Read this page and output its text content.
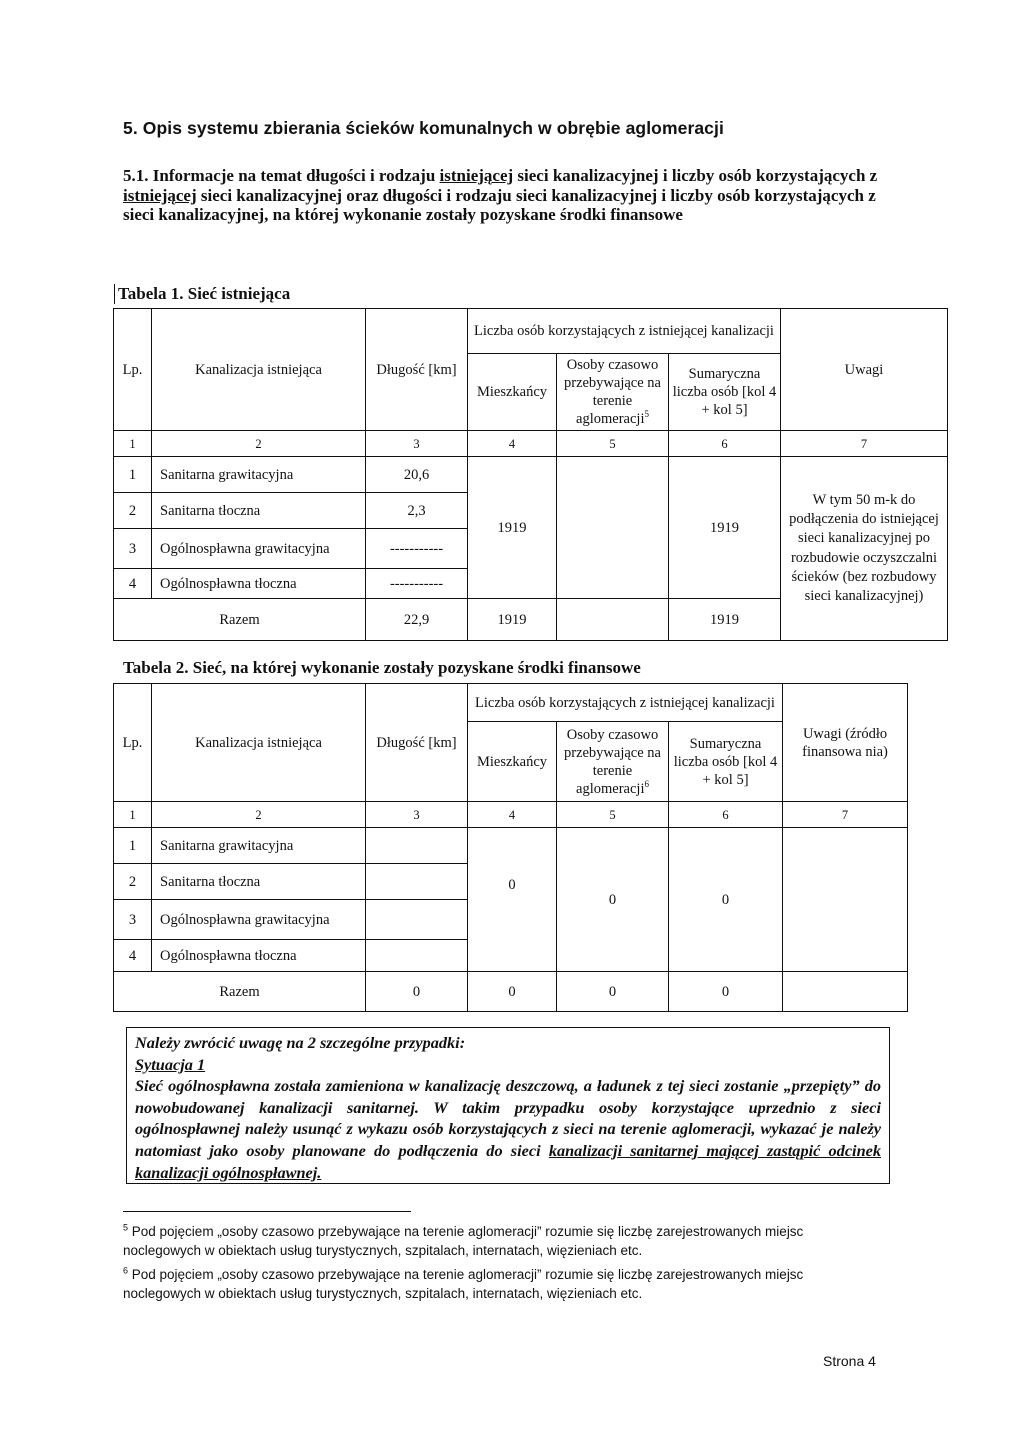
5. Opis systemu zbierania ścieków komunalnych w obrębie aglomeracji
5.1. Informacje na temat długości i rodzaju istniejącej sieci kanalizacyjnej i liczby osób korzystających z istniejącej sieci kanalizacyjnej oraz długości i rodzaju sieci kanalizacyjnej i liczby osób korzystających z sieci kanalizacyjnej, na której wykonanie zostały pozyskane środki finansowe
Tabela 1. Sieć istniejąca
Lp.	Kanalizacja istniejąca	Długość [km]	Liczba osób korzystających z istniejącej kanalizacji			Uwagi
			Mieszkańcy	Osoby czasowo przebywające na terenie aglomeracji$^5$	Sumaryczna liczba osób [kol 4 + kol 5]	
1	2	3	4	5	6	7
1	Sanitarna grawitacyjna	20,6	1919		1919	W tym 50 m-k do podłączenia do istniejącej sieci kanalizacyjnej po rozbudowie oczyszczalni ścieków (bez rozbudowy sieci kanalizacyjnej)
2	Sanitarna tłoczna	2,3				
3	Ogólnospławna grawitacyjna	-----------				
4	Ogólnospławna tłoczna	-----------				
Razem		22,9	1919		1919	
Tabela 2. Sieć, na której wykonanie zostały pozyskane środki finansowe
Lp.	Kanalizacja istniejąca	Długość [km]	Liczba osób korzystających z istniejącej kanalizacji			Uwagi (źródło finansowa nia)
			Mieszkańcy	Osoby czasowo przebywające na terenie aglomeracji$^6$	Sumaryczna liczba osób [kol 4 + kol 5]	
1	2	3	4	5	6	7
1	Sanitarna grawitacyjna		0	0	0	
2	Sanitarna tłoczna					
3	Ogólnospławna grawitacyjna					
4	Ogólnospławna tłoczna					
Razem		0	0	0	0	
Należy zwrócić uwagę na 2 szczególne przypadki:
Sytuacja 1
Sieć ogólnospławna została zamieniona w kanalizację deszczową, a ładunek z tej sieci zostanie „przepięty” do nowobudowanej kanalizacji sanitarnej. W takim przypadku osoby korzystające uprzednio z sieci ogólnospławnej należy usunąć z wykazu osób korzystających z sieci na terenie aglomeracji, wykazać je należy natomiast jako osoby planowane do podłączenia do sieci kanalizacji sanitarnej mającej zastąpić odcinek kanalizacji ogólnospławnej.
$^5$ Pod pojęciem „osoby czasowo przebywające na terenie aglomeracji” rozumie się liczbę zarejestrowanych miejsc noclegowych w obiektach usług turystycznych, szpitalach, internatach, więzieniach etc.
$^6$ Pod pojęciem „osoby czasowo przebywające na terenie aglomeracji” rozumie się liczbę zarejestrowanych miejsc noclegowych w obiektach usług turystycznych, szpitalach, internatach, więzieniach etc.
Strona 4
